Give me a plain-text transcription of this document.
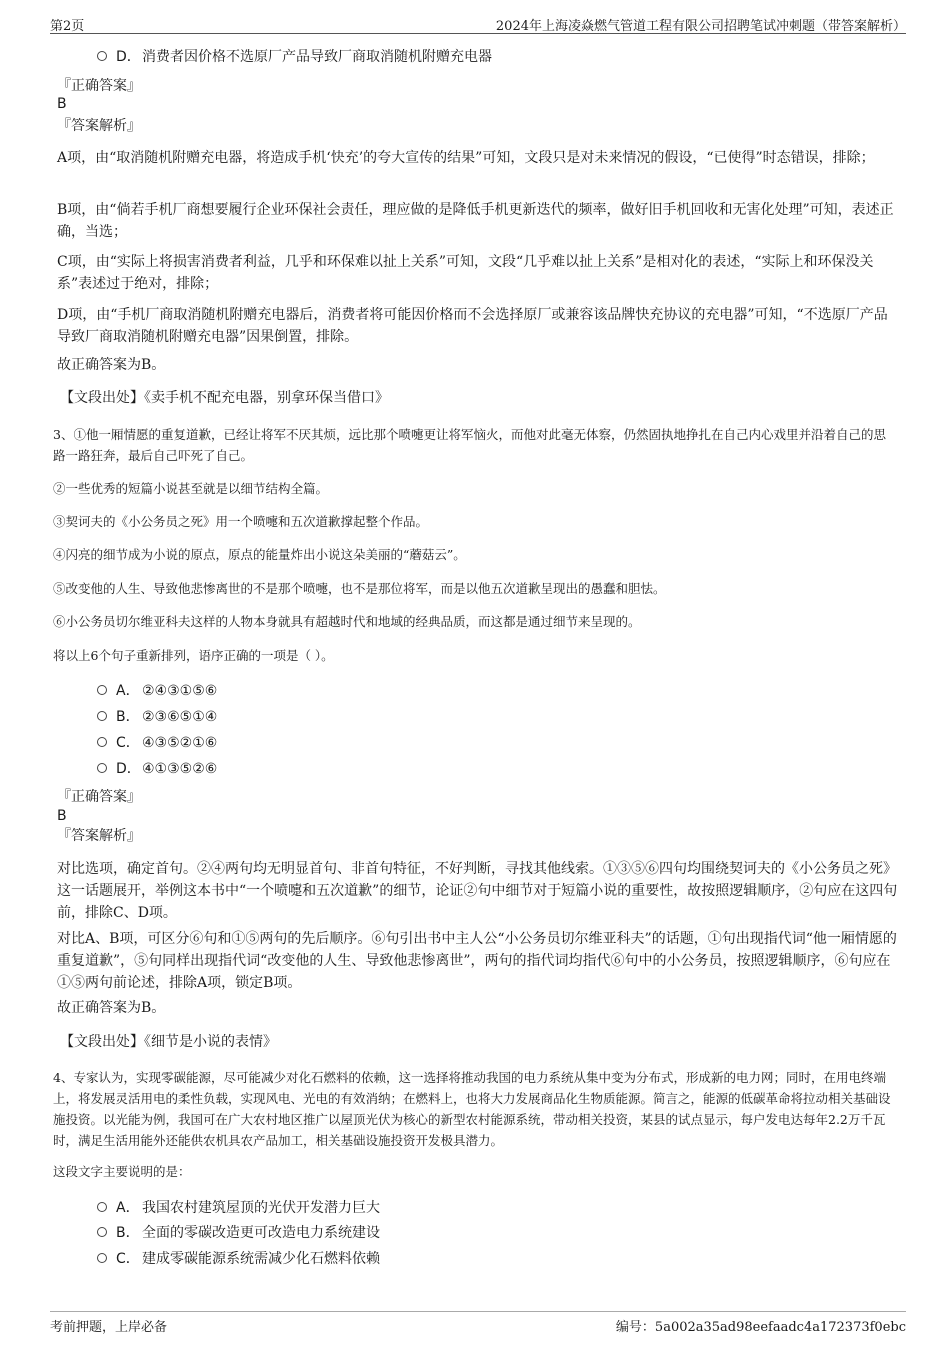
第2页	2024年上海凌焱燃气管道工程有限公司招聘笔试冲刺题（带答案解析）
D．消费者因价格不选原厂产品导致厂商取消随机附赠充电器
『正确答案』
B
『答案解析』

A项，由“取消随机附赠充电器，将造成手机‘快充’的夸大宣传的结果”可知，文段只是对未来情况的假设，“已使得”时态错误，排除；

B项，由“倘若手机厂商想要履行企业环保社会责任，理应做的是降低手机更新迭代的频率，做好旧手机回收和无害化处理”可知，表述正确，当选；

C项，由“实际上将损害消费者利益，几乎和环保难以扯上关系”可知，文段“几乎难以扯上关系”是相对化的表述，“实际上和环保没关系”表述过于绝对，排除；

D项，由“手机厂商取消随机附赠充电器后，消费者将可能因价格而不会选择原厂或兼容该品牌快充协议的充电器”可知，“不选原厂产品导致厂商取消随机附赠充电器”因果倒置，排除。

故正确答案为B。

【文段出处】《卖手机不配充电器，别拿环保当借口》

3、①他一厢情愿的重复道歉，已经让将军不厌其烦，远比那个喷嚏更让将军恼火，而他对此毫无体察，仍然固执地挣扎在自己内心戏里并沿着自己的思路一路狂奔，最后自己吓死了自己。

②一些优秀的短篇小说甚至就是以细节结构全篇。

③契诃夫的《小公务员之死》用一个喷嚏和五次道歉撑起整个作品。

④闪亮的细节成为小说的原点，原点的能量炸出小说这朵美丽的“蘑菇云”。

⑤改变他的人生、导致他悲惨离世的不是那个喷嚏，也不是那位将军，而是以他五次道歉呈现出的愚蠢和胆怯。

⑥小公务员切尔维亚科夫这样的人物本身就具有超越时代和地域的经典品质，而这都是通过细节来呈现的。

将以上6个句子重新排列，语序正确的一项是（ ）。

A． ②④③①⑤⑥
B． ②③⑥⑤①④
C． ④③⑤②①⑥
D．④①③⑤②⑥
『正确答案』
B
『答案解析』

对比选项，确定首句。②④两句均无明显首句、非首句特征，不好判断，寻找其他线索。①③⑤⑥四句均围绕契诃夫的《小公务员之死》这一话题展开，举例这本书中“一个喷嚏和五次道歉”的细节，论证②句中细节对于短篇小说的重要性，故按照逻辑顺序，②句应在这四句前，排除C、D项。

对比A、B项，可区分⑥句和①⑤两句的先后顺序。⑥句引出书中主人公“小公务员切尔维亚科夫”的话题，①句出现指代词“他一厢情愿的重复道歉”，⑤句同样出现指代词“改变他的人生、导致他悲惨离世”，两句的指代词均指代⑥句中的小公务员，按照逻辑顺序，⑥句应在①⑤两句前论述，排除A项，锁定B项。

故正确答案为B。

【文段出处】《细节是小说的表情》

4、专家认为，实现零碳能源，尽可能减少对化石燃料的依赖，这一选择将推动我国的电力系统从集中变为分布式，形成新的电力网；同时，在用电终端上，将发展灵活用电的柔性负载，实现风电、光电的有效消纳；在燃料上，也将大力发展商品化生物质能源。简言之，能源的低碳革命将拉动相关基础设施投资。以光能为例，我国可在广大农村地区推广以屋顶光伏为核心的新型农村能源系统，带动相关投资，某县的试点显示，每户发电达每年2.2万千瓦时，满足生活用能外还能供农机具农产品加工，相关基础设施投资开发极具潜力。

这段文字主要说明的是：

A． 我国农村建筑屋顶的光伏开发潜力巨大
B． 全面的零碳改造更可改造电力系统建设
C． 建成零碳能源系统需减少化石燃料依赖
考前押题，上岸必备	编号：5a002a35ad98eefaadc4a172373f0ebc
